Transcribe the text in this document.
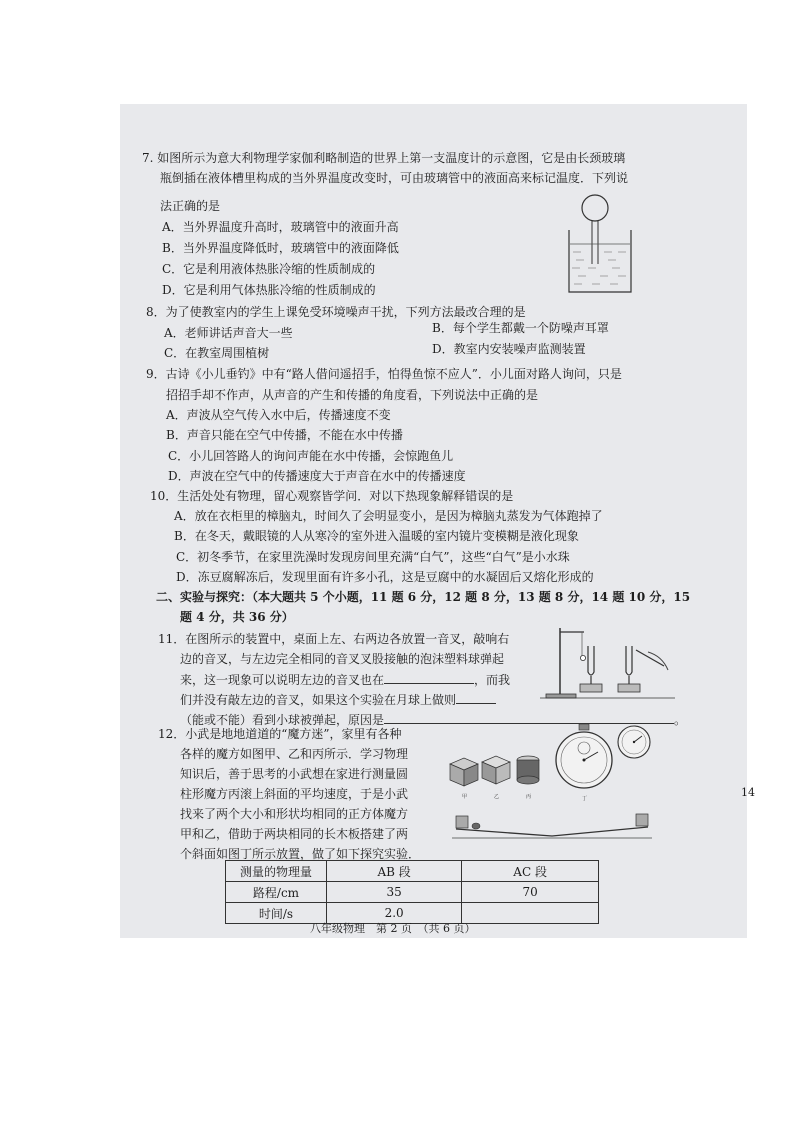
7. 如图所示为意大利物理学家伽利略制造的世界上第一支温度计的示意图，它是由长颈玻璃
瓶倒插在液体槽里构成的当外界温度改变时，可由玻璃管中的液面高来标记温度．下列说
法正确的是
A．当外界温度升高时，玻璃管中的液面升高
B．当外界温度降低时，玻璃管中的液面降低
C．它是利用液体热胀冷缩的性质制成的
D．它是利用气体热胀冷缩的性质制成的
8．为了使教室内的学生上课免受环境噪声干扰，下列方法最改合理的是
A．老师讲话声音大一些	B．每个学生都戴一个防噪声耳罩
C．在教室周围植树	D．教室内安装噪声监测装置
9．古诗《小儿垂钓》中有“路人借问遥招手，怕得鱼惊不应人”．小儿面对路人询问，只是
招招手却不作声，从声音的产生和传播的角度看，下列说法中正确的是
A．声波从空气传入水中后，传播速度不变
B．声音只能在空气中传播，不能在水中传播
C．小儿回答路人的询问声能在水中传播，会惊跑鱼儿
D．声波在空气中的传播速度大于声音在水中的传播速度
10．生活处处有物理，留心观察皆学问．对以下热现象解释错误的是
A．放在衣柜里的樟脑丸，时间久了会明显变小，是因为樟脑丸蒸发为气体跑掉了
B．在冬天，戴眼镜的人从寒冷的室外进入温暖的室内镜片变模糊是液化现象
C．初冬季节，在家里洗澡时发现房间里充满“白气”，这些“白气”是小水珠
D．冻豆腐解冻后，发现里面有许多小孔，这是豆腐中的水凝固后又熔化形成的
二、实验与探究：（本大题共 5 个小题，11 题 6 分，12 题 8 分，13 题 8 分，14 题 10 分，15
题 4 分，共 36 分）
11．在图所示的装置中，桌面上左、右两边各放置一音叉，敲响右
边的音叉，与左边完全相同的音叉叉股接触的泡沫塑料球弹起
来，这一现象可以说明左边的音叉也在	，而我
们并没有敲左边的音叉，如果这个实验在月球上做则
（能或不能）看到小球被弹起，原因是	。
12．小武是地地道道的“魔方迷”，家里有各种
各样的魔方如图甲、乙和丙所示．学习物理
知识后，善于思考的小武想在家进行测量圆
柱形魔方丙滚上斜面的平均速度，于是小武
找来了两个大小和形状均相同的正方体魔方
甲和乙，借助于两块相同的长木板搭建了两
个斜面如图丁所示放置，做了如下探究实验．
甲	乙	丙	丁
测量的物理量	AB 段	AC 段
路程/cm	35	70
时间/s	2.0	
八年级物理　第 2 页　（共 6 页）
14
